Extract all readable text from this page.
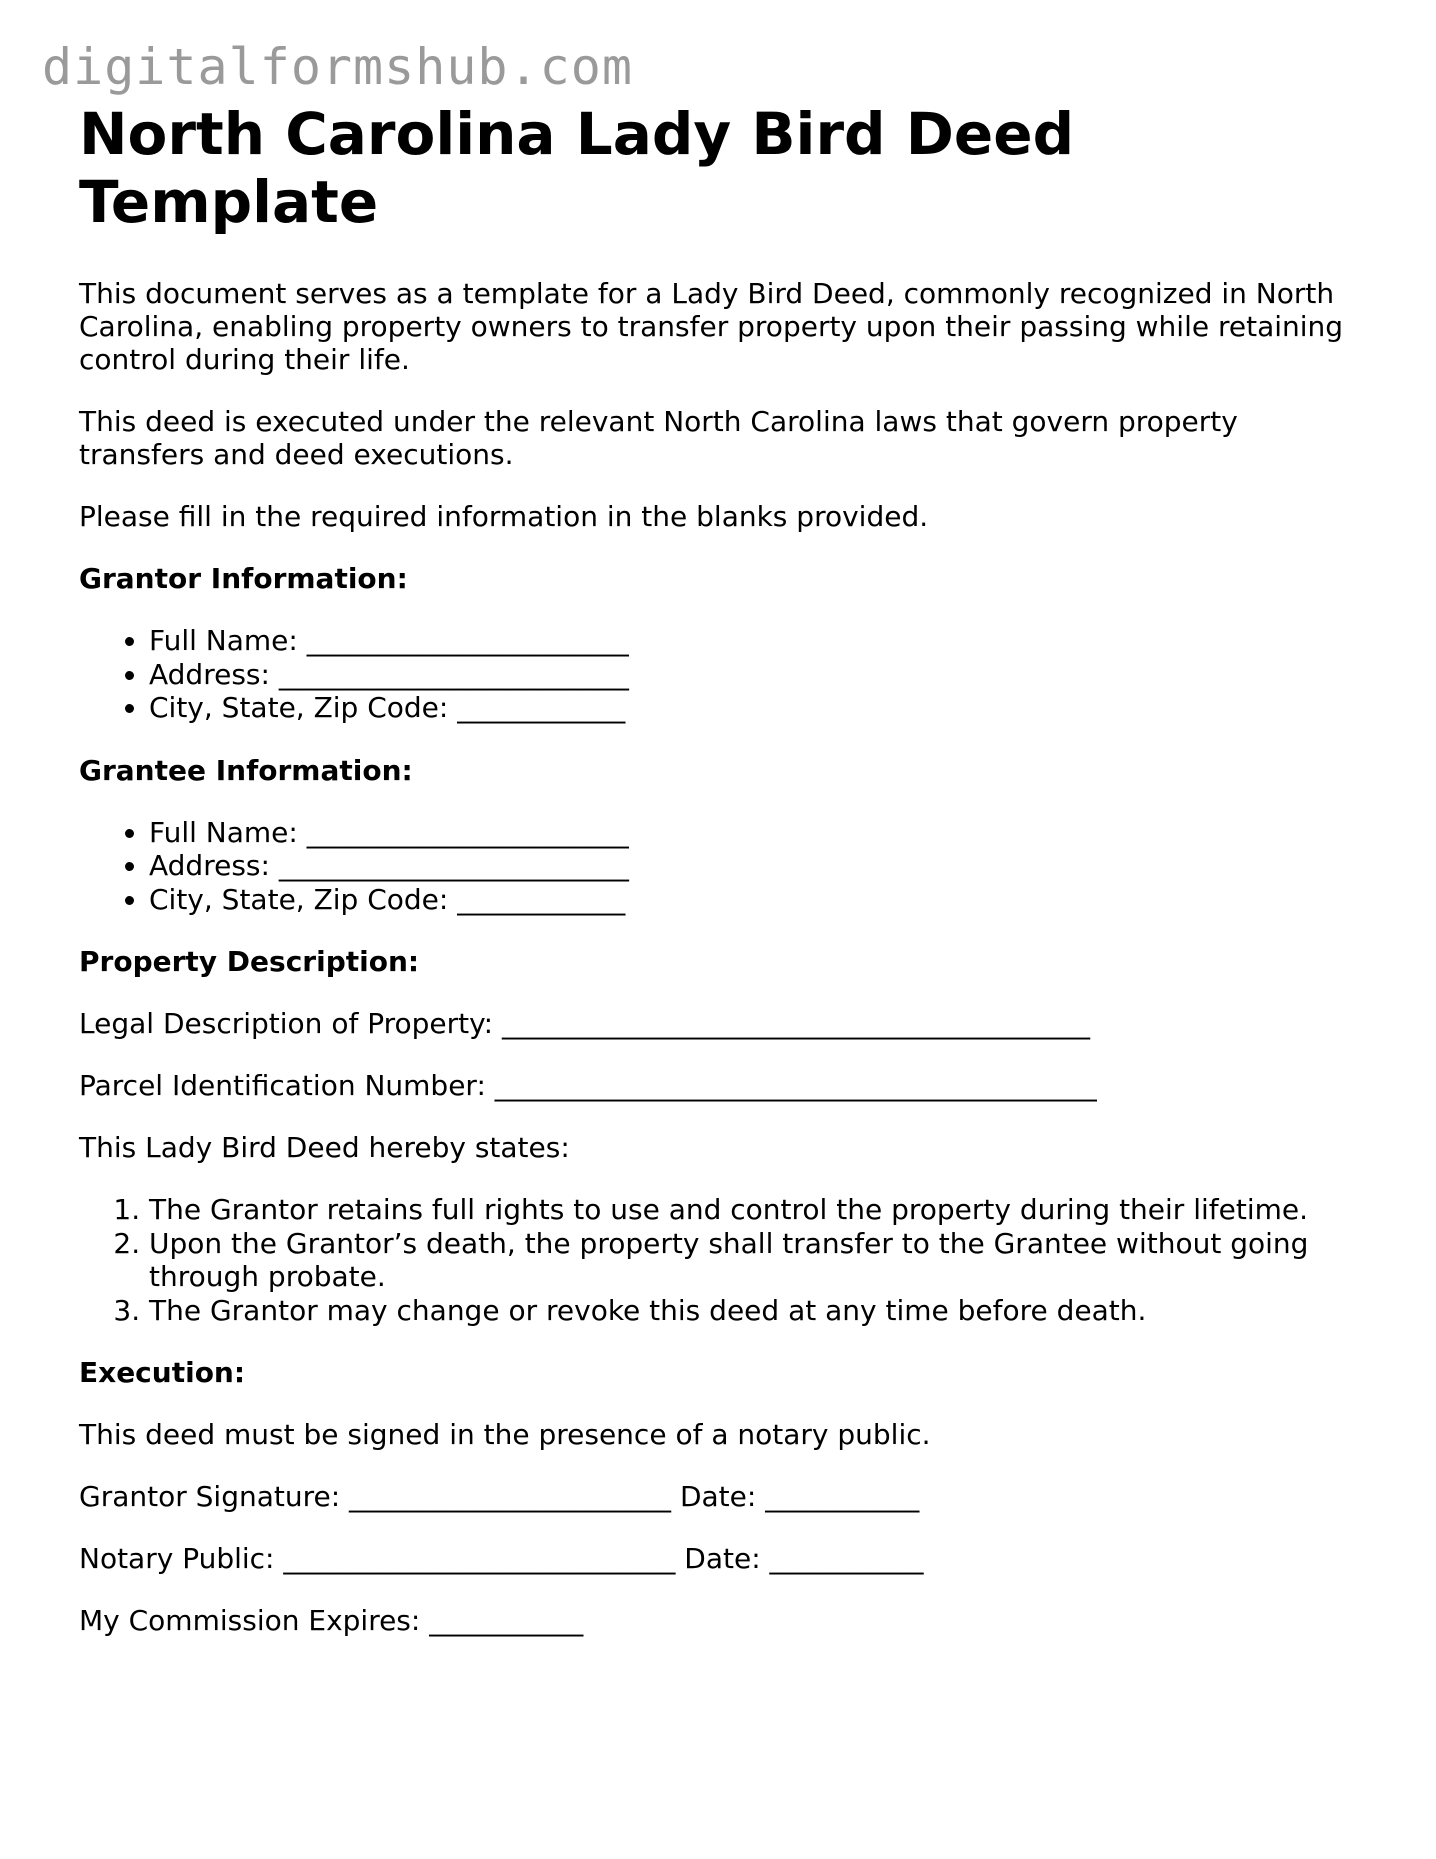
digitalformshub.com
North Carolina Lady Bird Deed Template

This document serves as a template for a Lady Bird Deed, commonly recognized in North Carolina, enabling property owners to transfer property upon their passing while retaining control during their life.

This deed is executed under the relevant North Carolina laws that govern property transfers and deed executions.

Please fill in the required information in the blanks provided.

Grantor Information:

• Full Name: _______________________
• Address: _________________________
• City, State, Zip Code: ____________

Grantee Information:

• Full Name: _______________________
• Address: _________________________
• City, State, Zip Code: ____________

Property Description:

Legal Description of Property: __________________________________________

Parcel Identification Number: ___________________________________________

This Lady Bird Deed hereby states:

1. The Grantor retains full rights to use and control the property during their lifetime.
2. Upon the Grantor’s death, the property shall transfer to the Grantee without going through probate.
3. The Grantor may change or revoke this deed at any time before death.

Execution:

This deed must be signed in the presence of a notary public.

Grantor Signature: _______________________ Date: ___________

Notary Public: ____________________________ Date: ___________

My Commission Expires: ___________
